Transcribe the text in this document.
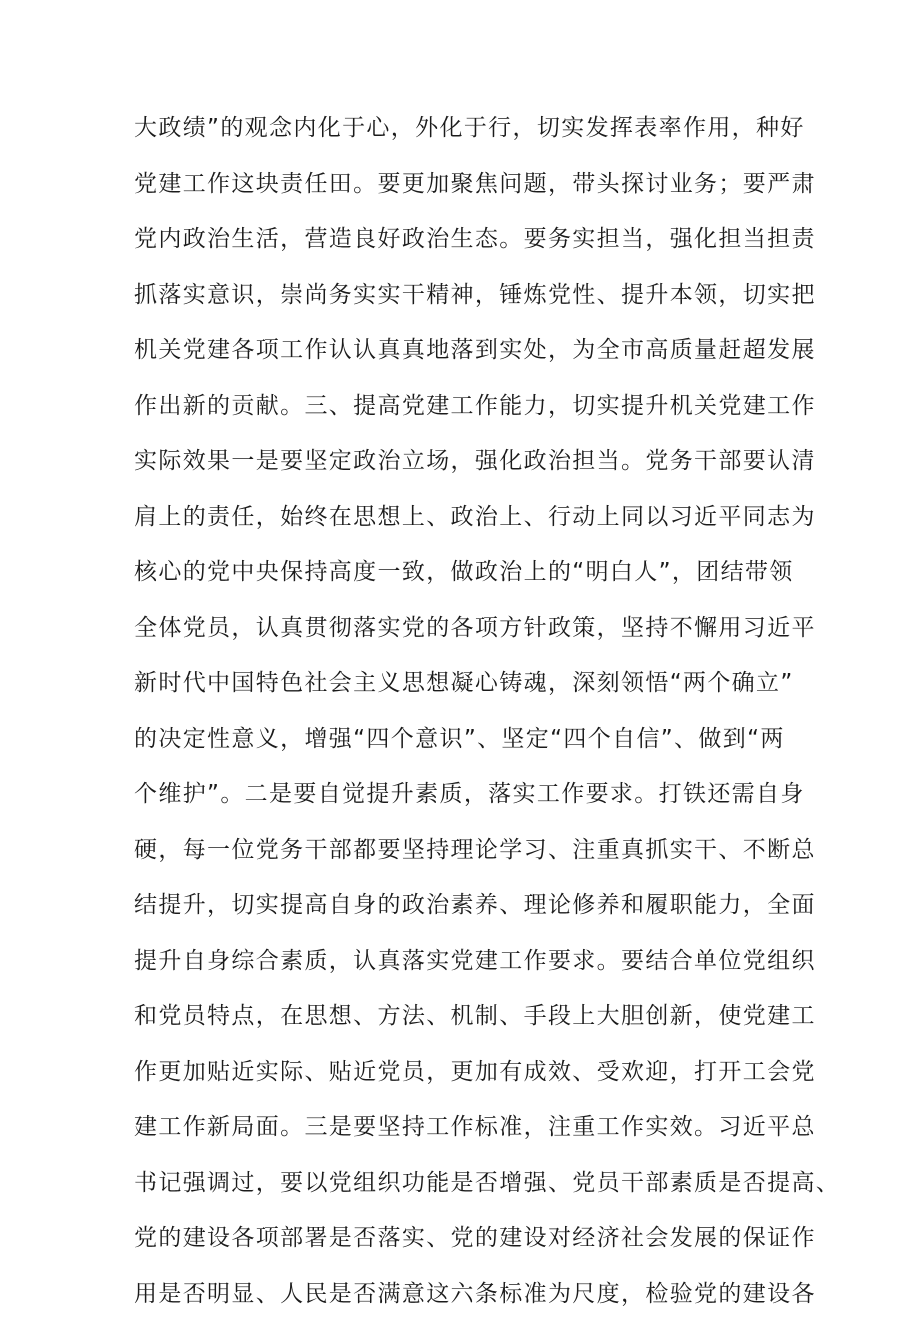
大政绩”的观念内化于心，外化于行，切实发挥表率作用，种好
党建工作这块责任田。要更加聚焦问题，带头探讨业务；要严肃
党内政治生活，营造良好政治生态。要务实担当，强化担当担责
抓落实意识，崇尚务实实干精神，锤炼党性、提升本领，切实把
机关党建各项工作认认真真地落到实处，为全市高质量赶超发展
作出新的贡献。三、提高党建工作能力，切实提升机关党建工作
实际效果一是要坚定政治立场，强化政治担当。党务干部要认清
肩上的责任，始终在思想上、政治上、行动上同以习近平同志为
核心的党中央保持高度一致，做政治上的“明白人”，团结带领
全体党员，认真贯彻落实党的各项方针政策，坚持不懈用习近平
新时代中国特色社会主义思想凝心铸魂，深刻领悟“两个确立”
的决定性意义，增强“四个意识”、坚定“四个自信”、做到“两
个维护”。二是要自觉提升素质，落实工作要求。打铁还需自身
硬，每一位党务干部都要坚持理论学习、注重真抓实干、不断总
结提升，切实提高自身的政治素养、理论修养和履职能力，全面
提升自身综合素质，认真落实党建工作要求。要结合单位党组织
和党员特点，在思想、方法、机制、手段上大胆创新，使党建工
作更加贴近实际、贴近党员，更加有成效、受欢迎，打开工会党
建工作新局面。三是要坚持工作标准，注重工作实效。习近平总
书记强调过，要以党组织功能是否增强、党员干部素质是否提高、
党的建设各项部署是否落实、党的建设对经济社会发展的保证作
用是否明显、人民是否满意这六条标准为尺度，检验党的建设各
